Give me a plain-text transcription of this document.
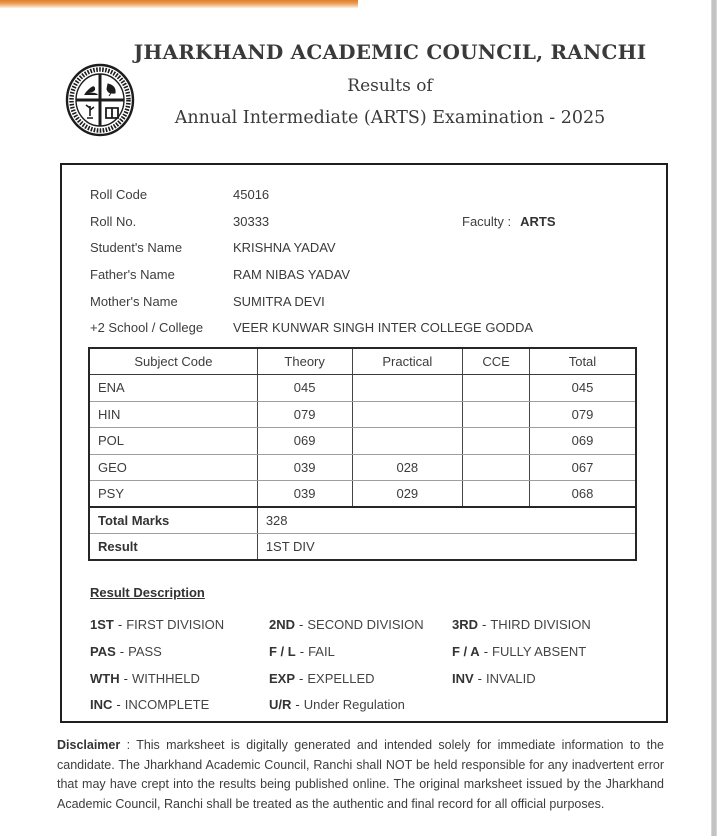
JHARKHAND ACADEMIC COUNCIL, RANCHI
Results of
Annual Intermediate (ARTS) Examination - 2025
Roll Code	45016
Roll No.	30333	Faculty : ARTS
Student's Name	KRISHNA YADAV
Father's Name	RAM NIBAS YADAV
Mother's Name	SUMITRA DEVI
+2 School / College	VEER KUNWAR SINGH INTER COLLEGE GODDA
Subject Code	Theory	Practical	CCE	Total
ENA	045			045
HIN	079			079
POL	069			069
GEO	039	028		067
PSY	039	029		068
Total Marks	328			
Result	1ST DIV			
Result Description
1ST - FIRST DIVISION	2ND - SECOND DIVISION	3RD - THIRD DIVISION
PAS - PASS	F / L - FAIL	F / A - FULLY ABSENT
WTH - WITHHELD	EXP - EXPELLED	INV - INVALID
INC - INCOMPLETE	U/R - Under Regulation

Disclaimer : This marksheet is digitally generated and intended solely for immediate information to the candidate. The Jharkhand Academic Council, Ranchi shall NOT be held responsible for any inadvertent error that may have crept into the results being published online. The original marksheet issued by the Jharkhand Academic Council, Ranchi shall be treated as the authentic and final record for all official purposes.
